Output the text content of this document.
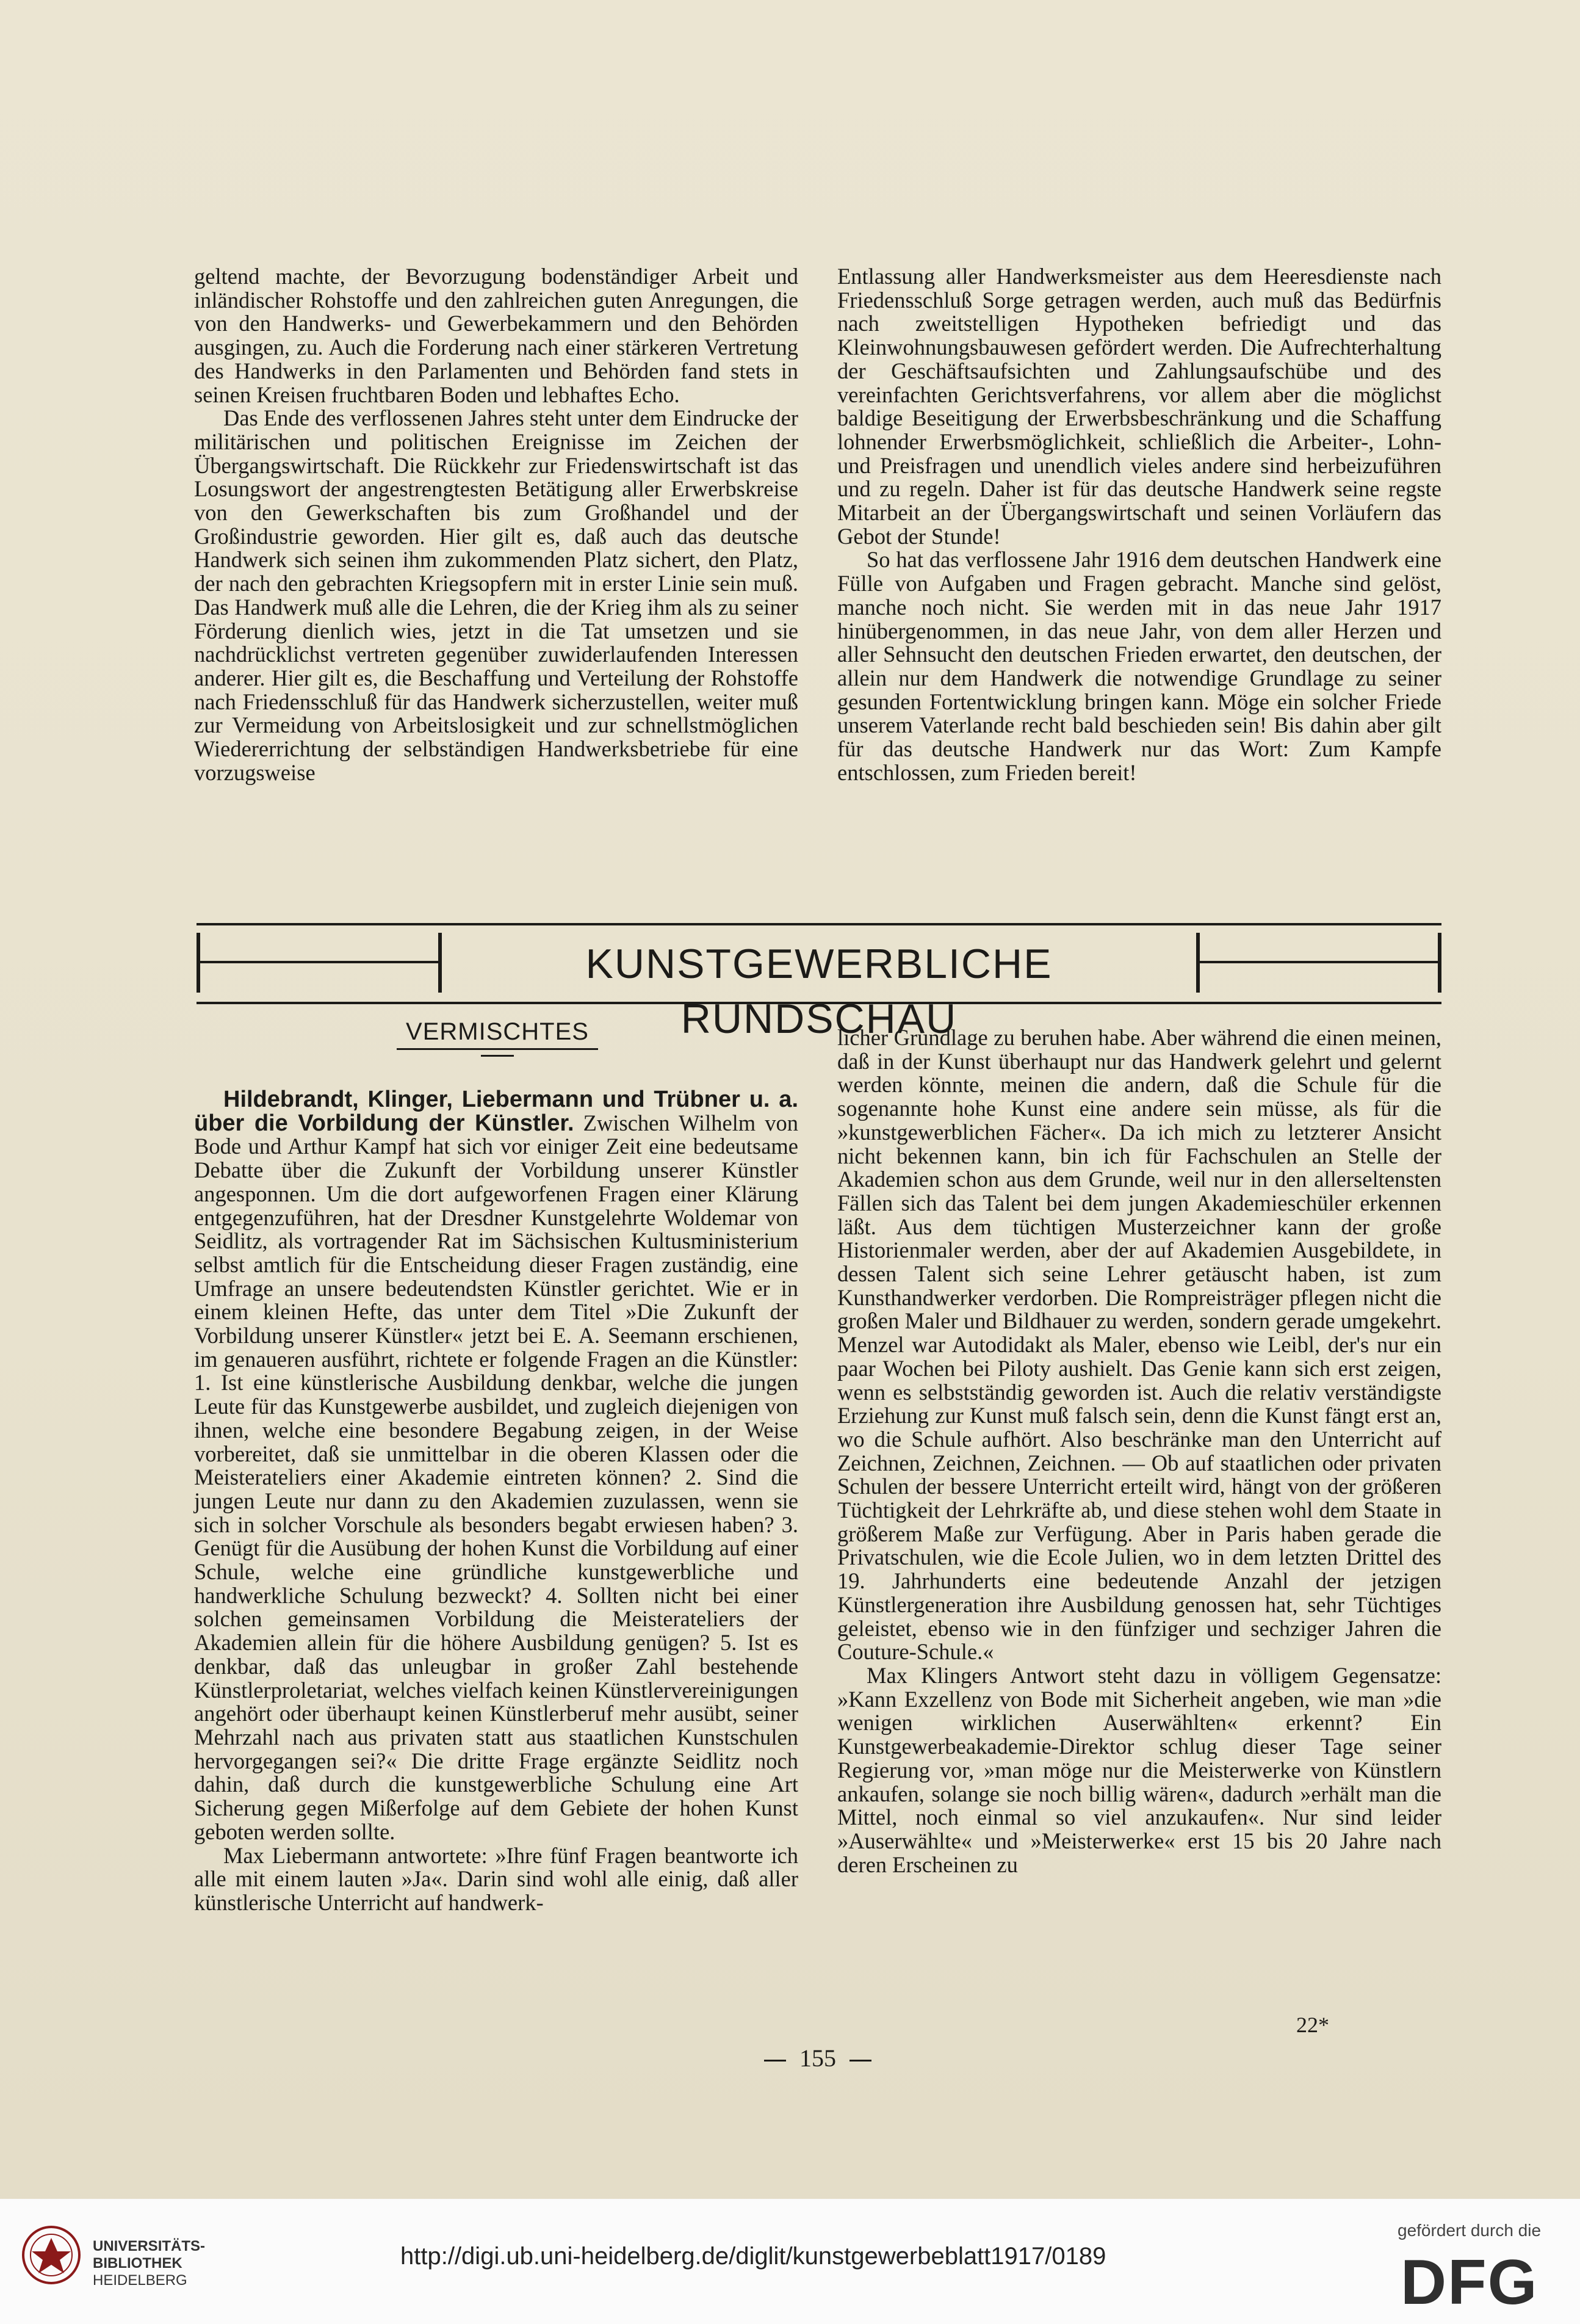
geltend machte, der Bevorzugung bodenständiger Arbeit und inländischer Rohstoffe und den zahlreichen guten Anregungen, die von den Handwerks- und Gewerbekammern und den Behörden ausgingen, zu. Auch die Forderung nach einer stärkeren Vertretung des Handwerks in den Parlamenten und Behörden fand stets in seinen Kreisen fruchtbaren Boden und lebhaftes Echo.

Das Ende des verflossenen Jahres steht unter dem Eindrucke der militärischen und politischen Ereignisse im Zeichen der Übergangswirtschaft. Die Rückkehr zur Friedenswirtschaft ist das Losungswort der angestrengtesten Betätigung aller Erwerbskreise von den Gewerkschaften bis zum Großhandel und der Großindustrie geworden. Hier gilt es, daß auch das deutsche Handwerk sich seinen ihm zukommenden Platz sichert, den Platz, der nach den gebrachten Kriegsopfern mit in erster Linie sein muß. Das Handwerk muß alle die Lehren, die der Krieg ihm als zu seiner Förderung dienlich wies, jetzt in die Tat umsetzen und sie nachdrücklichst vertreten gegenüber zuwiderlaufenden Interessen anderer. Hier gilt es, die Beschaffung und Verteilung der Rohstoffe nach Friedensschluß für das Handwerk sicherzustellen, weiter muß zur Vermeidung von Arbeitslosigkeit und zur schnellstmöglichen Wiedererrichtung der selbständigen Handwerksbetriebe für eine vorzugsweise

Entlassung aller Handwerksmeister aus dem Heeresdienste nach Friedensschluß Sorge getragen werden, auch muß das Bedürfnis nach zweitstelligen Hypotheken befriedigt und das Kleinwohnungsbauwesen gefördert werden. Die Aufrechterhaltung der Geschäftsaufsichten und Zahlungsaufschübe und des vereinfachten Gerichtsverfahrens, vor allem aber die möglichst baldige Beseitigung der Erwerbsbeschränkung und die Schaffung lohnender Erwerbsmöglichkeit, schließlich die Arbeiter-, Lohn- und Preisfragen und unendlich vieles andere sind herbeizuführen und zu regeln. Daher ist für das deutsche Handwerk seine regste Mitarbeit an der Übergangswirtschaft und seinen Vorläufern das Gebot der Stunde!

So hat das verflossene Jahr 1916 dem deutschen Handwerk eine Fülle von Aufgaben und Fragen gebracht. Manche sind gelöst, manche noch nicht. Sie werden mit in das neue Jahr 1917 hinübergenommen, in das neue Jahr, von dem aller Herzen und aller Sehnsucht den deutschen Frieden erwartet, den deutschen, der allein nur dem Handwerk die notwendige Grundlage zu seiner gesunden Fortentwicklung bringen kann. Möge ein solcher Friede unserem Vaterlande recht bald beschieden sein! Bis dahin aber gilt für das deutsche Handwerk nur das Wort: Zum Kampfe entschlossen, zum Frieden bereit!

KUNSTGEWERBLICHE RUNDSCHAU
VERMISCHTES

Hildebrandt, Klinger, Liebermann und Trübner u. a. über die Vorbildung der Künstler. Zwischen Wilhelm von Bode und Arthur Kampf hat sich vor einiger Zeit eine bedeutsame Debatte über die Zukunft der Vorbildung unserer Künstler angesponnen. Um die dort aufgeworfenen Fragen einer Klärung entgegenzuführen, hat der Dresdner Kunstgelehrte Woldemar von Seidlitz, als vortragender Rat im Sächsischen Kultusministerium selbst amtlich für die Entscheidung dieser Fragen zuständig, eine Umfrage an unsere bedeutendsten Künstler gerichtet. Wie er in einem kleinen Hefte, das unter dem Titel »Die Zukunft der Vorbildung unserer Künstler« jetzt bei E. A. Seemann erschienen, im genaueren ausführt, richtete er folgende Fragen an die Künstler: 1. Ist eine künstlerische Ausbildung denkbar, welche die jungen Leute für das Kunstgewerbe ausbildet, und zugleich diejenigen von ihnen, welche eine besondere Begabung zeigen, in der Weise vorbereitet, daß sie unmittelbar in die oberen Klassen oder die Meisterateliers einer Akademie eintreten können? 2. Sind die jungen Leute nur dann zu den Akademien zuzulassen, wenn sie sich in solcher Vorschule als besonders begabt erwiesen haben? 3. Genügt für die Ausübung der hohen Kunst die Vorbildung auf einer Schule, welche eine gründliche kunstgewerbliche und handwerkliche Schulung bezweckt? 4. Sollten nicht bei einer solchen gemeinsamen Vorbildung die Meisterateliers der Akademien allein für die höhere Ausbildung genügen? 5. Ist es denkbar, daß das unleugbar in großer Zahl bestehende Künstlerproletariat, welches vielfach keinen Künstlervereinigungen angehört oder überhaupt keinen Künstlerberuf mehr ausübt, seiner Mehrzahl nach aus privaten statt aus staatlichen Kunstschulen hervorgegangen sei?« Die dritte Frage ergänzte Seidlitz noch dahin, daß durch die kunstgewerbliche Schulung eine Art Sicherung gegen Mißerfolge auf dem Gebiete der hohen Kunst geboten werden sollte.

Max Liebermann antwortete: »Ihre fünf Fragen beantworte ich alle mit einem lauten »Ja«. Darin sind wohl alle einig, daß aller künstlerische Unterricht auf handwerk-

licher Grundlage zu beruhen habe. Aber während die einen meinen, daß in der Kunst überhaupt nur das Handwerk gelehrt und gelernt werden könnte, meinen die andern, daß die Schule für die sogenannte hohe Kunst eine andere sein müsse, als für die »kunstgewerblichen Fächer«. Da ich mich zu letzterer Ansicht nicht bekennen kann, bin ich für Fachschulen an Stelle der Akademien schon aus dem Grunde, weil nur in den allerseltensten Fällen sich das Talent bei dem jungen Akademieschüler erkennen läßt. Aus dem tüchtigen Musterzeichner kann der große Historienmaler werden, aber der auf Akademien Ausgebildete, in dessen Talent sich seine Lehrer getäuscht haben, ist zum Kunsthandwerker verdorben. Die Rompreisträger pflegen nicht die großen Maler und Bildhauer zu werden, sondern gerade umgekehrt. Menzel war Autodidakt als Maler, ebenso wie Leibl, der's nur ein paar Wochen bei Piloty aushielt. Das Genie kann sich erst zeigen, wenn es selbstständig geworden ist. Auch die relativ verständigste Erziehung zur Kunst muß falsch sein, denn die Kunst fängt erst an, wo die Schule aufhört. Also beschränke man den Unterricht auf Zeichnen, Zeichnen, Zeichnen. — Ob auf staatlichen oder privaten Schulen der bessere Unterricht erteilt wird, hängt von der größeren Tüchtigkeit der Lehrkräfte ab, und diese stehen wohl dem Staate in größerem Maße zur Verfügung. Aber in Paris haben gerade die Privatschulen, wie die Ecole Julien, wo in dem letzten Drittel des 19. Jahrhunderts eine bedeutende Anzahl der jetzigen Künstlergeneration ihre Ausbildung genossen hat, sehr Tüchtiges geleistet, ebenso wie in den fünfziger und sechziger Jahren die Couture-Schule.«

Max Klingers Antwort steht dazu in völligem Gegensatze: »Kann Exzellenz von Bode mit Sicherheit angeben, wie man »die wenigen wirklichen Auserwählten« erkennt? Ein Kunstgewerbeakademie-Direktor schlug dieser Tage seiner Regierung vor, »man möge nur die Meisterwerke von Künstlern ankaufen, solange sie noch billig wären«, dadurch »erhält man die Mittel, noch einmal so viel anzukaufen«. Nur sind leider »Auserwählte« und »Meisterwerke« erst 15 bis 20 Jahre nach deren Erscheinen zu

22*
155
UNIVERSITÄTS-
BIBLIOTHEK
HEIDELBERG
http://digi.ub.uni-heidelberg.de/diglit/kunstgewerbeblatt1917/0189
gefördert durch die
DFG
